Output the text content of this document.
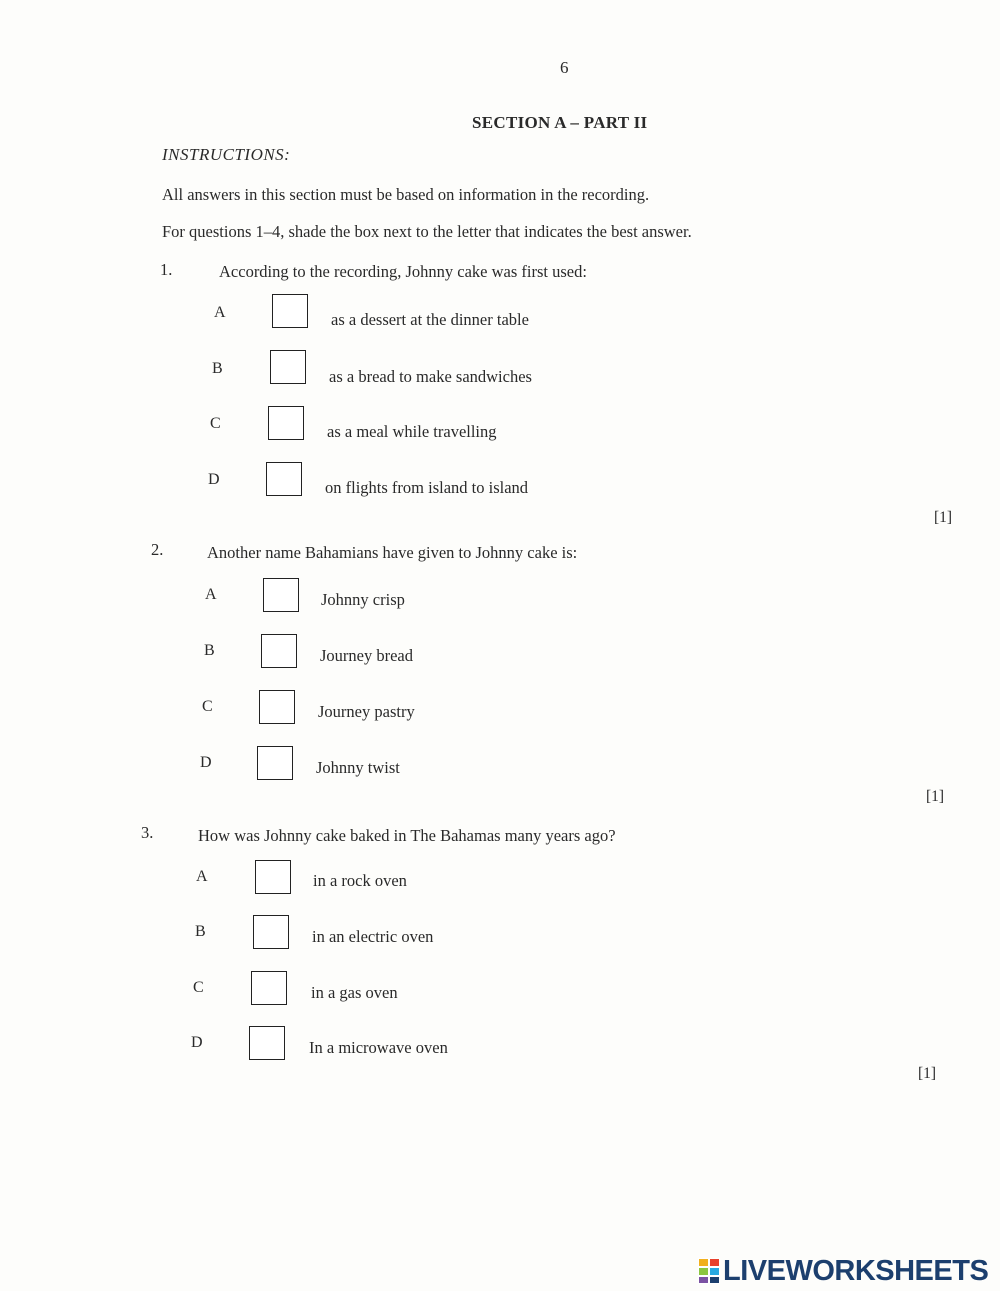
6
SECTION A – PART II
INSTRUCTIONS:
All answers in this section must be based on information in the recording.
For questions 1–4, shade the box next to the letter that indicates the best answer.
1.	According to the recording, Johnny cake was first used:
A	as a dessert at the dinner table
B	as a bread to make sandwiches
C	as a meal while travelling
D	on flights from island to island
[1]
2.	Another name Bahamians have given to Johnny cake is:
A	Johnny crisp
B	Journey bread
C	Journey pastry
D	Johnny twist
[1]
3.	How was Johnny cake baked in The Bahamas many years ago?
A	in a rock oven
B	in an electric oven
C	in a gas oven
D	In a microwave oven
[1]
LIVEWORKSHEETS
